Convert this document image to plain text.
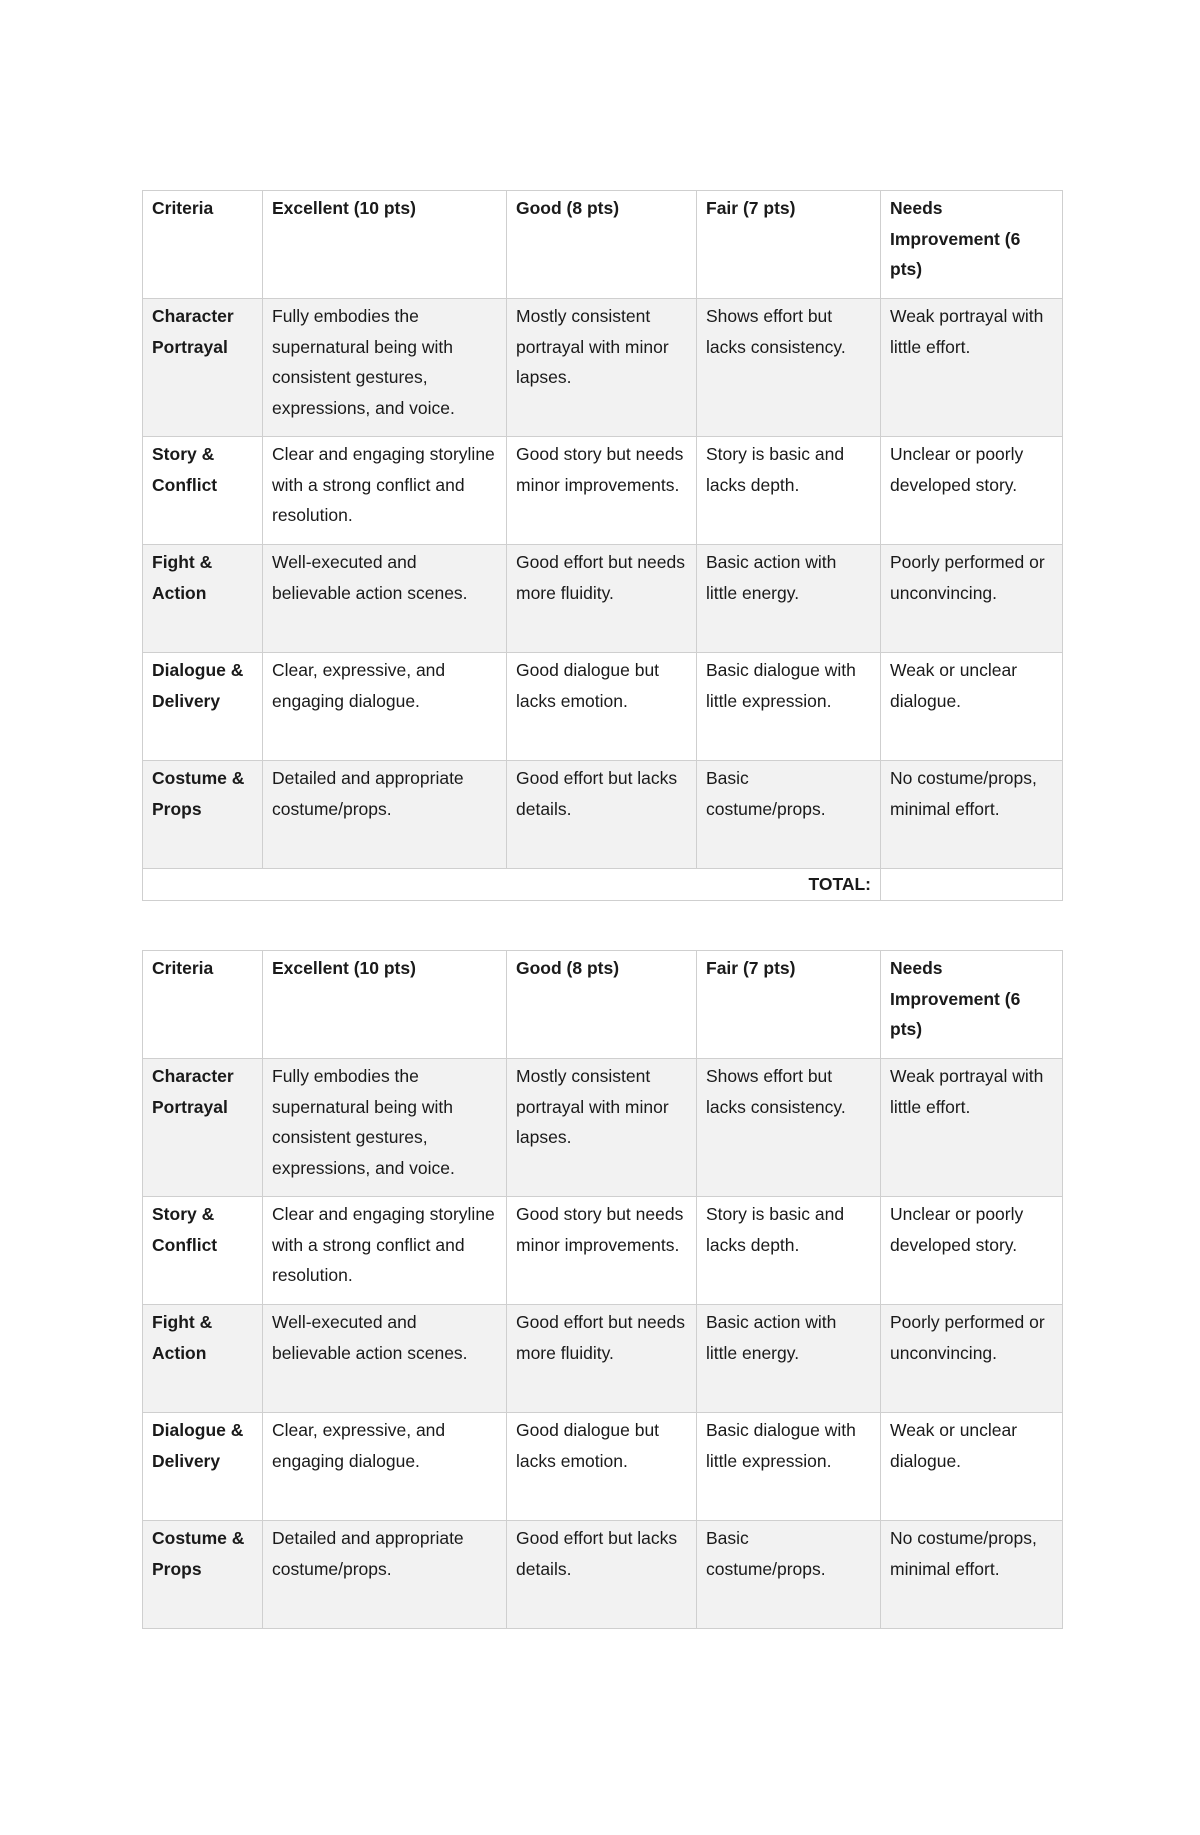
Criteria	Excellent (10 pts)	Good (8 pts)	Fair (7 pts)	Needs Improvement (6 pts)
Character Portrayal	Fully embodies the supernatural being with consistent gestures, expressions, and voice.	Mostly consistent portrayal with minor lapses.	Shows effort but lacks consistency.	Weak portrayal with little effort.
Story & Conflict	Clear and engaging storyline with a strong conflict and resolution.	Good story but needs minor improvements.	Story is basic and lacks depth.	Unclear or poorly developed story.
Fight & Action	Well-executed and believable action scenes.	Good effort but needs more fluidity.	Basic action with little energy.	Poorly performed or unconvincing.
Dialogue & Delivery	Clear, expressive, and engaging dialogue.	Good dialogue but lacks emotion.	Basic dialogue with little expression.	Weak or unclear dialogue.
Costume & Props	Detailed and appropriate costume/props.	Good effort but lacks details.	Basic costume/props.	No costume/props, minimal effort.
TOTAL:				
Criteria	Excellent (10 pts)	Good (8 pts)	Fair (7 pts)	Needs Improvement (6 pts)
Character Portrayal	Fully embodies the supernatural being with consistent gestures, expressions, and voice.	Mostly consistent portrayal with minor lapses.	Shows effort but lacks consistency.	Weak portrayal with little effort.
Story & Conflict	Clear and engaging storyline with a strong conflict and resolution.	Good story but needs minor improvements.	Story is basic and lacks depth.	Unclear or poorly developed story.
Fight & Action	Well-executed and believable action scenes.	Good effort but needs more fluidity.	Basic action with little energy.	Poorly performed or unconvincing.
Dialogue & Delivery	Clear, expressive, and engaging dialogue.	Good dialogue but lacks emotion.	Basic dialogue with little expression.	Weak or unclear dialogue.
Costume & Props	Detailed and appropriate costume/props.	Good effort but lacks details.	Basic costume/props.	No costume/props, minimal effort.
